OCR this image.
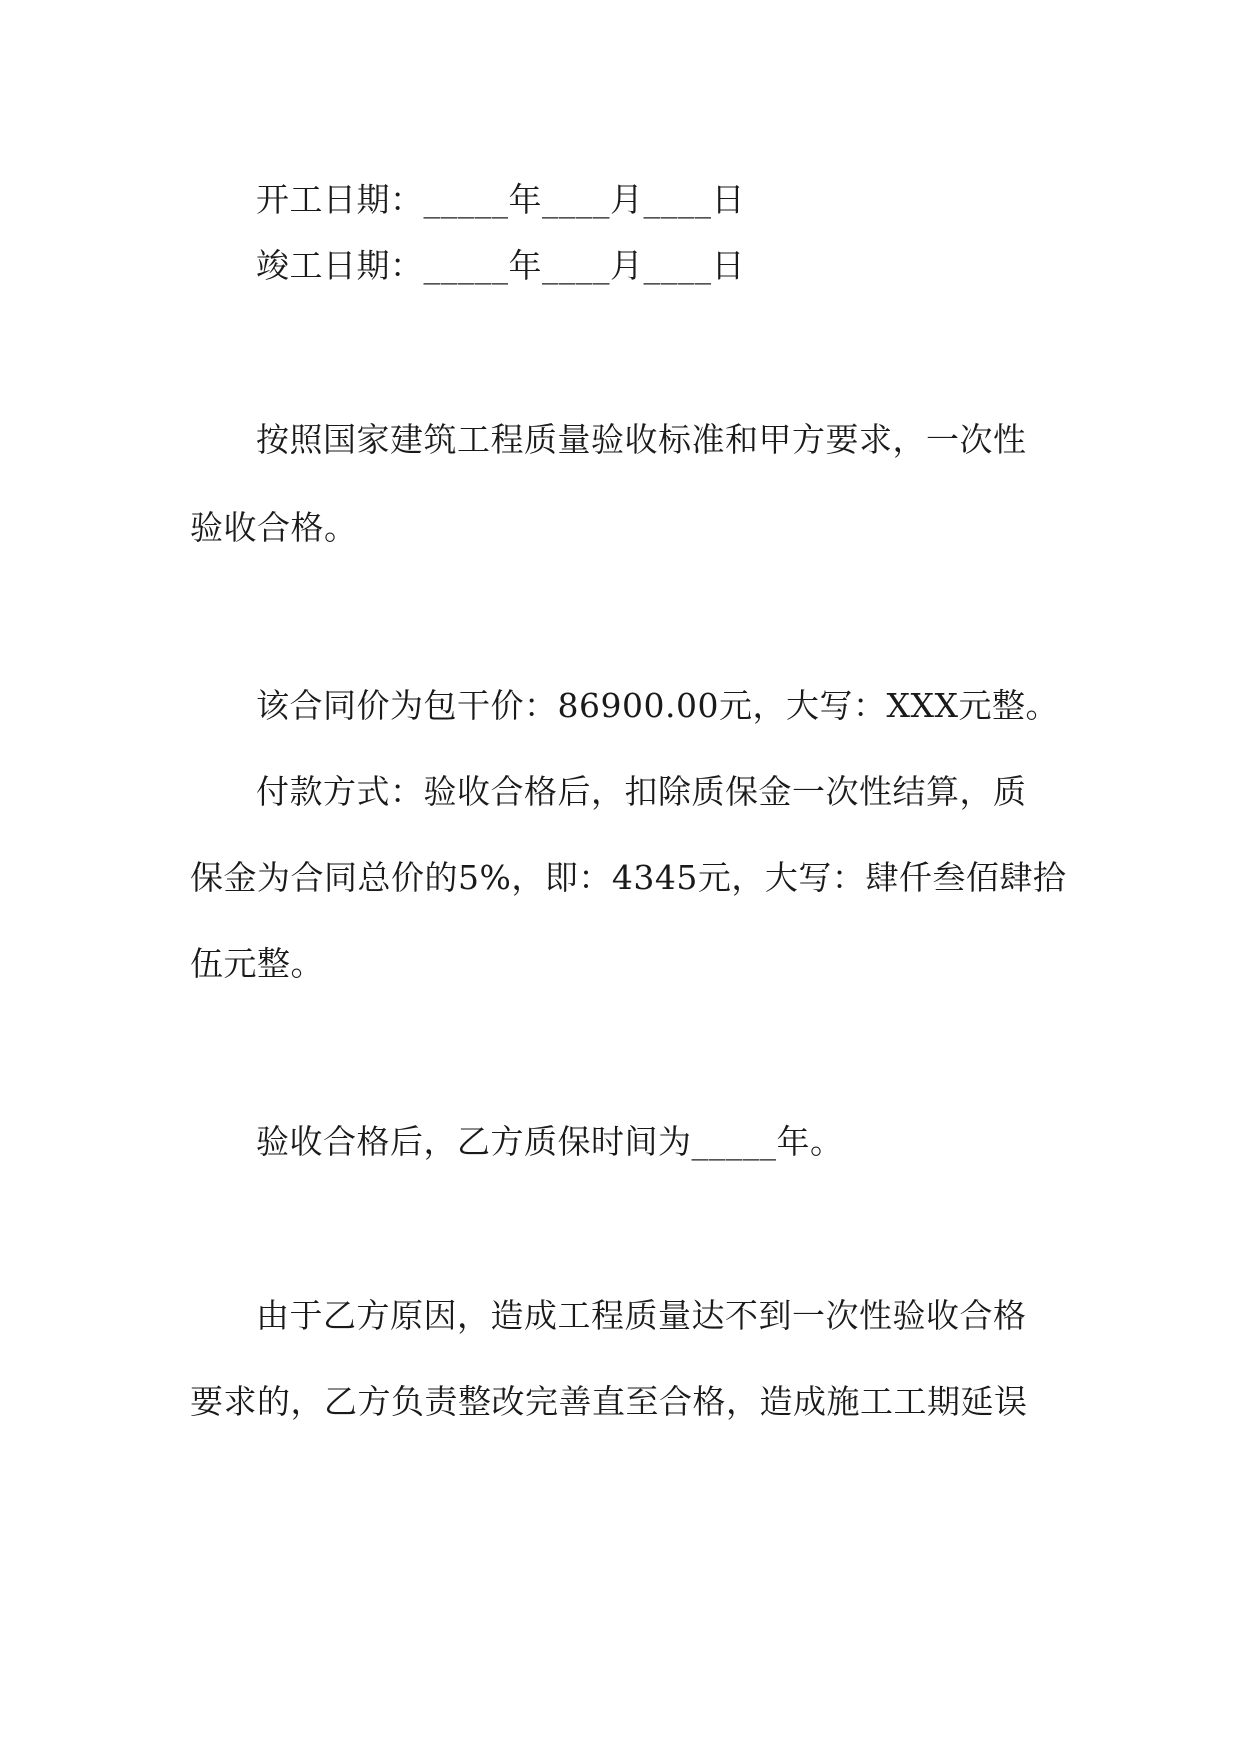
开工日期：_____年____月____日
竣工日期：_____年____月____日
按照国家建筑工程质量验收标准和甲方要求，一次性
验收合格。
该合同价为包干价：86900.00元，大写：XXX元整。
付款方式：验收合格后，扣除质保金一次性结算，质
保金为合同总价的5%，即：4345元，大写：肆仟叁佰肆拾
伍元整。
验收合格后，乙方质保时间为_____年。
由于乙方原因，造成工程质量达不到一次性验收合格
要求的，乙方负责整改完善直至合格，造成施工工期延误
